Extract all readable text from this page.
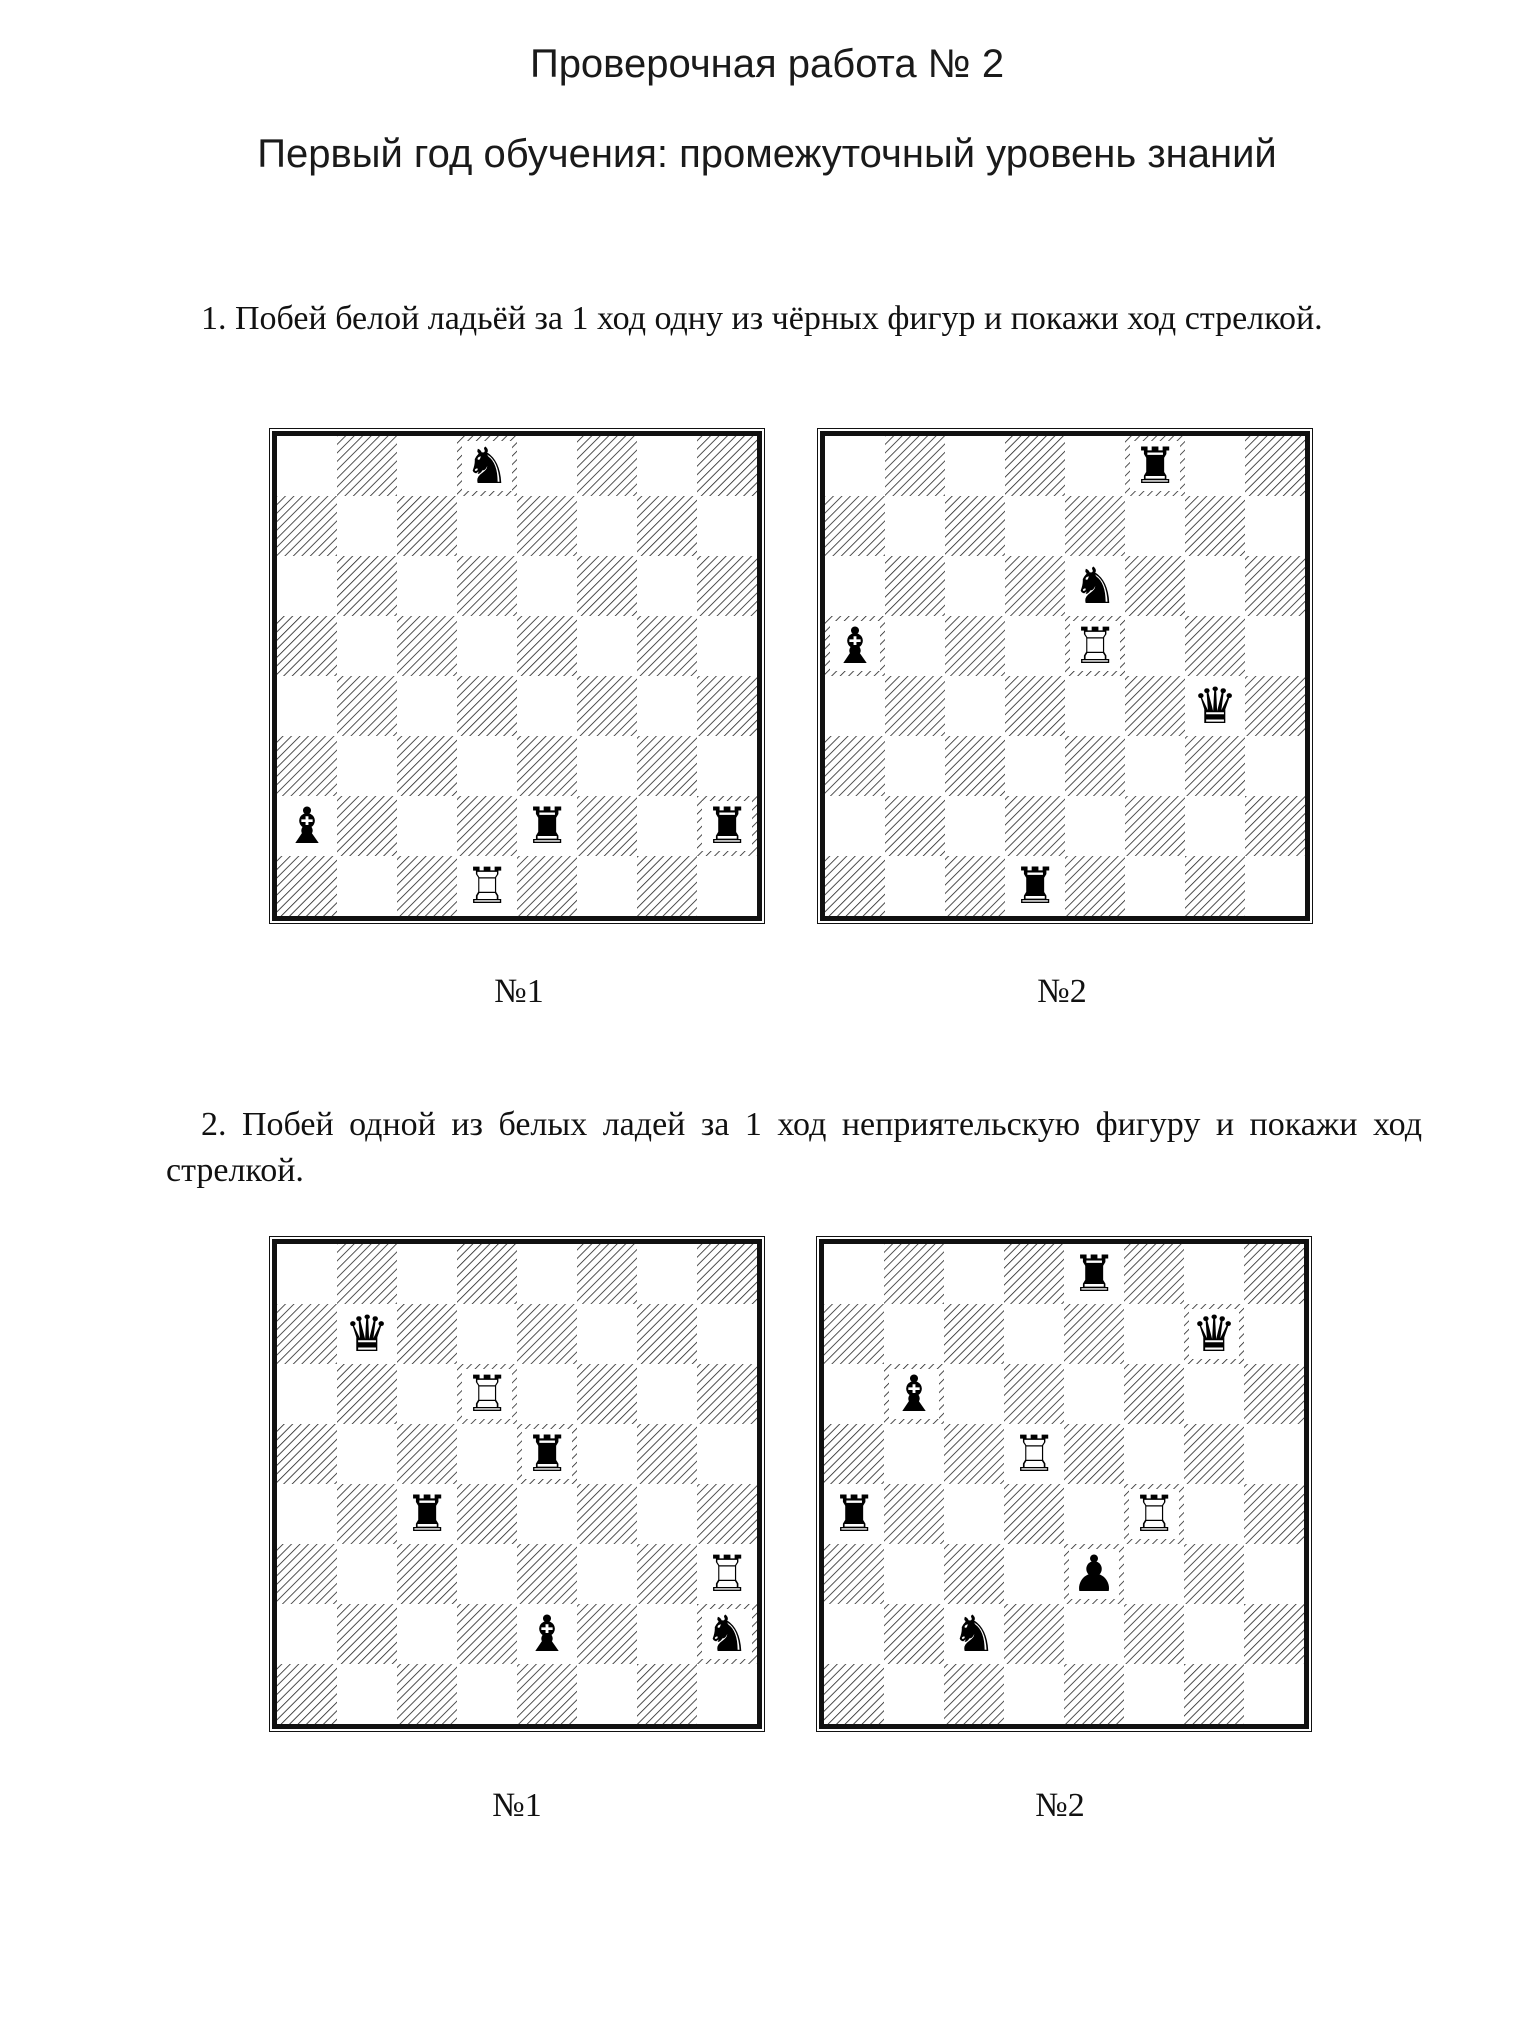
Проверочная работа № 2
Первый год обучения: промежуточный уровень знаний
1. Побей белой ладьёй за 1 ход одну из чёрных фигур и покажи ход стрелкой.
♞
♝	♜	♜
♖
♜
♞
♝	♖
♛
♜
№1	№2
2. Побей одной из белых ладей за 1 ход неприятельскую фигуру и покажи ход стрелкой.
♛
♖
♜
♜
♖
♝	♞
♜
♛
♝
♖
♜	♖
♟
♞
№1	№2
